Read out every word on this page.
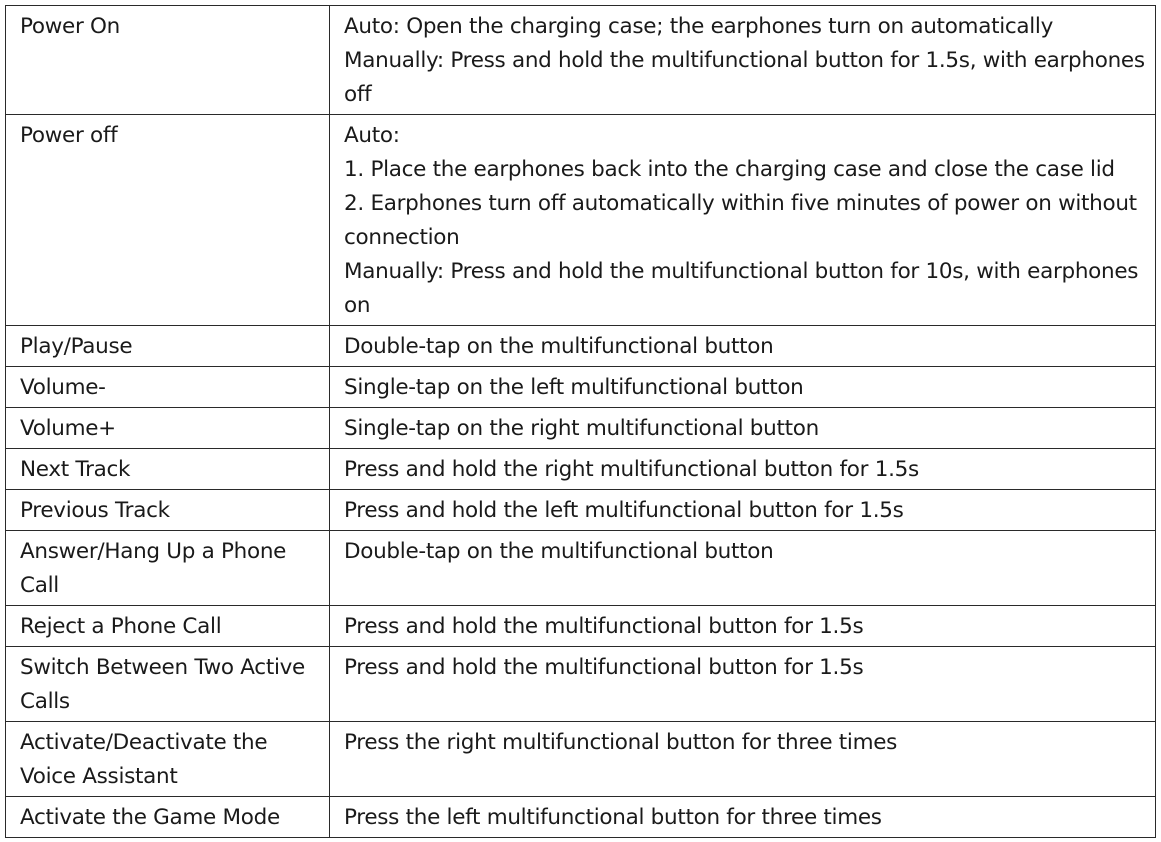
Power On	Auto: Open the charging case; the earphones turn on automatically
Manually: Press and hold the multifunctional button for 1.5s, with earphones off

Power off	Auto:
1. Place the earphones back into the charging case and close the case lid
2. Earphones turn off automatically within five minutes of power on without connection
Manually: Press and hold the multifunctional button for 10s, with earphones on

Play/Pause	Double-tap on the multifunctional button

Volume-	Single-tap on the left multifunctional button

Volume+	Single-tap on the right multifunctional button

Next Track	Press and hold the right multifunctional button for 1.5s

Previous Track	Press and hold the left multifunctional button for 1.5s

Answer/Hang Up a Phone Call	Double-tap on the multifunctional button

Reject a Phone Call	Press and hold the multifunctional button for 1.5s

Switch Between Two Active Calls	Press and hold the multifunctional button for 1.5s

Activate/Deactivate the Voice Assistant	Press the right multifunctional button for three times

Activate the Game Mode	Press the left multifunctional button for three times
